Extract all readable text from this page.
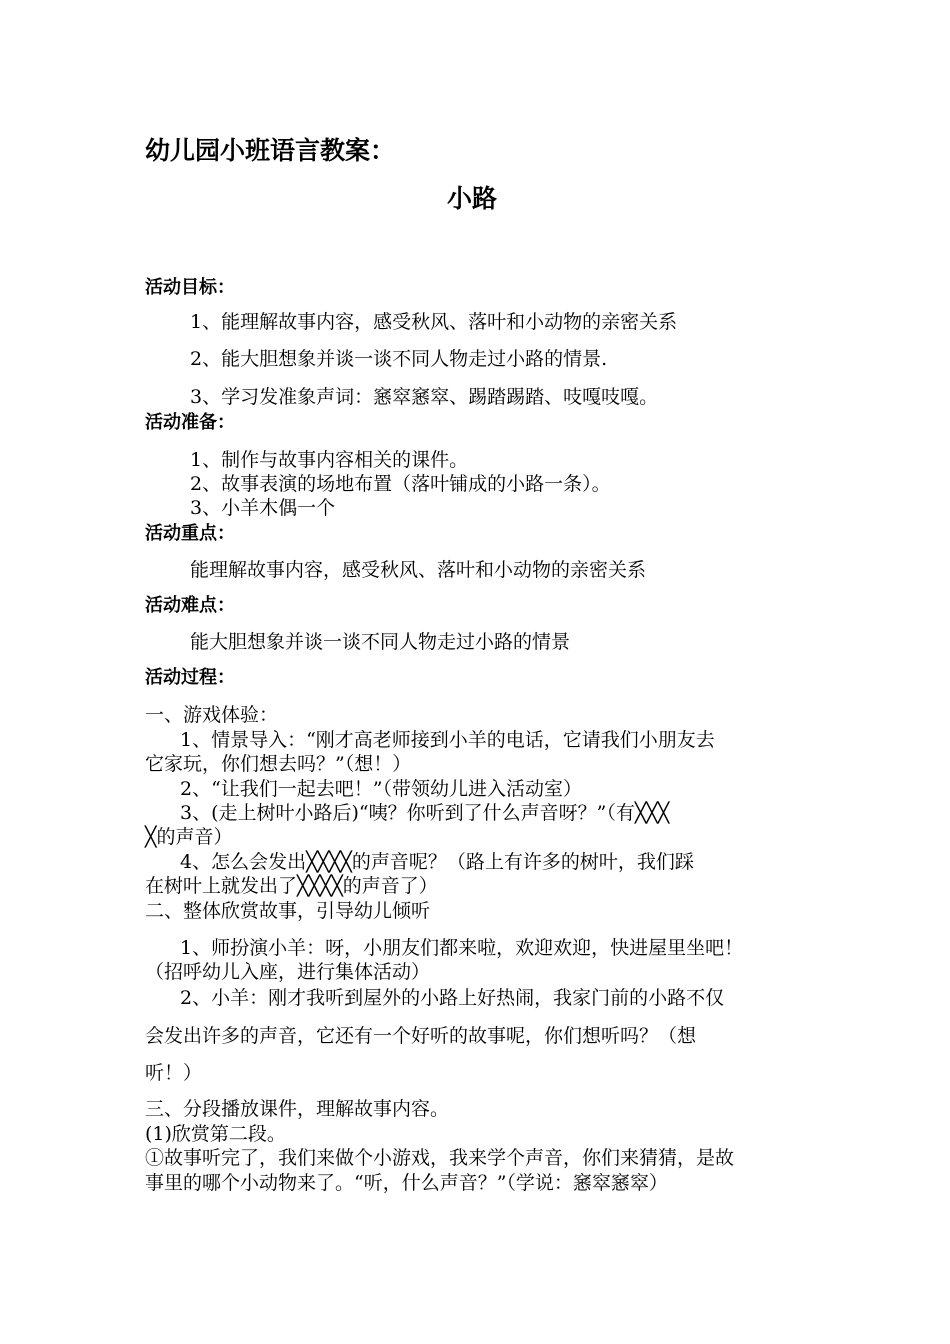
幼儿园小班语言教案：
小路
活动目标：
1、能理解故事内容，感受秋风、落叶和小动物的亲密关系
2、能大胆想象并谈一谈不同人物走过小路的情景.
3、学习发准象声词：窸窣窸窣、踢踏踢踏、吱嘎吱嘎。
活动准备：
1、制作与故事内容相关的课件。
2、故事表演的场地布置（落叶铺成的小路一条）。
3、小羊木偶一个
活动重点：
能理解故事内容，感受秋风、落叶和小动物的亲密关系
活动难点：
能大胆想象并谈一谈不同人物走过小路的情景
活动过程：
一、游戏体验：
1、情景导入：“刚才高老师接到小羊的电话，它请我们小朋友去
它家玩，你们想去吗？”（想！）
2、“让我们一起去吧！”（带领幼儿进入活动室）
3、(走上树叶小路后)“咦？你听到了什么声音呀？”（有╳╳╳
╳的声音）
4、怎么会发出╳╳╳╳的声音呢？（路上有许多的树叶，我们踩
在树叶上就发出了╳╳╳╳的声音了）
二、整体欣赏故事，引导幼儿倾听
1、师扮演小羊：呀，小朋友们都来啦，欢迎欢迎，快进屋里坐吧！
（招呼幼儿入座，进行集体活动）
2、小羊：刚才我听到屋外的小路上好热闹，我家门前的小路不仅
会发出许多的声音，它还有一个好听的故事呢，你们想听吗？（想
听！）
三、分段播放课件，理解故事内容。
(1)欣赏第二段。
①故事听完了，我们来做个小游戏，我来学个声音，你们来猜猜，是故
事里的哪个小动物来了。“听，什么声音？”（学说：窸窣窸窣）
